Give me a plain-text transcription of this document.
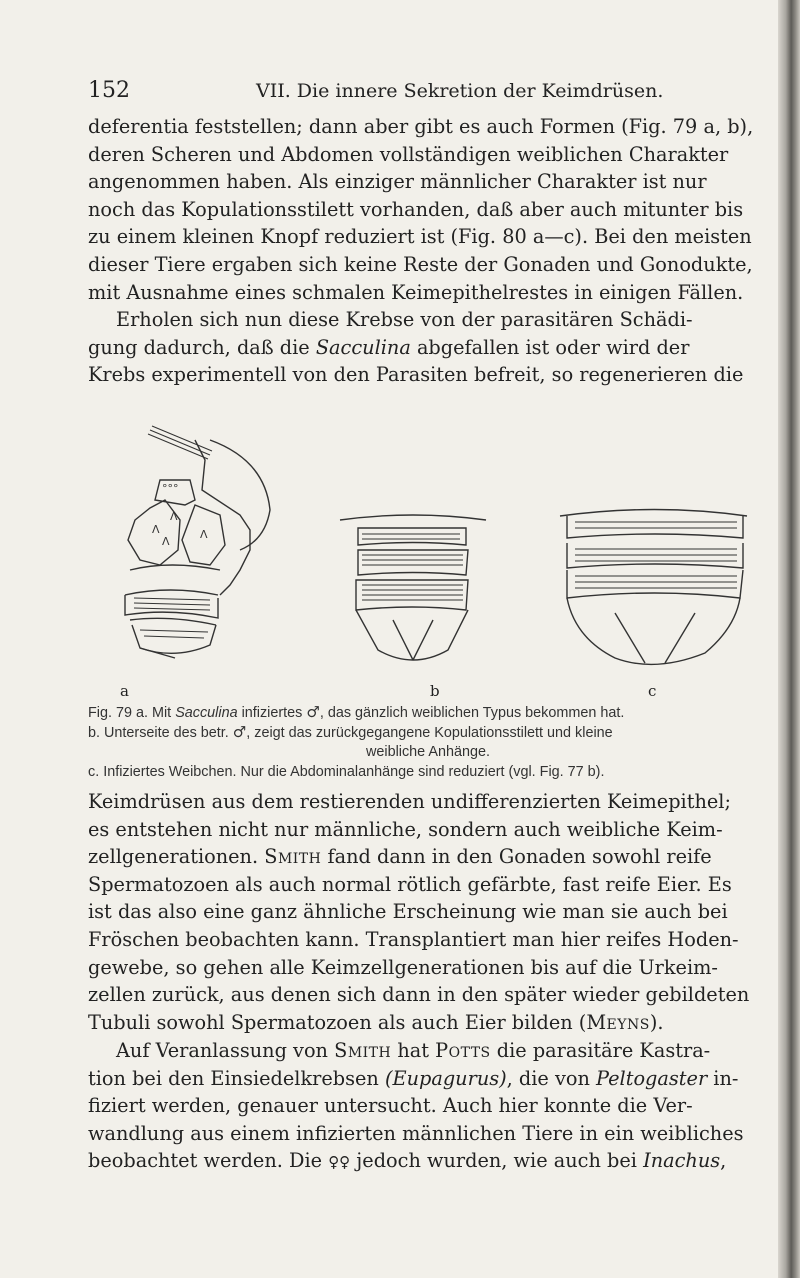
152	VII. Die innere Sekretion der Keimdrüsen.

deferentia feststellen; dann aber gibt es auch Formen (Fig. 79 a, b),

deren Scheren und Abdomen vollständigen weiblichen Charakter

angenommen haben. Als einziger männlicher Charakter ist nur

noch das Kopulationsstilett vorhanden, daß aber auch mitunter bis

zu einem kleinen Knopf reduziert ist (Fig. 80 a—c). Bei den meisten

dieser Tiere ergaben sich keine Reste der Gonaden und Gonodukte,

mit Ausnahme eines schmalen Keimepithelrestes in einigen Fällen.

Erholen sich nun diese Krebse von der parasitären Schädi-

gung dadurch, daß die Sacculina abgefallen ist oder wird der

Krebs experimentell von den Parasiten befreit, so regenerieren die

Λ
Λ
Λ
Λ
°°°
a	b	c

Fig. 79 a. Mit Sacculina infiziertes ♂, das gänzlich weiblichen Typus bekommen hat.

b. Unterseite des betr. ♂, zeigt das zurückgegangene Kopulationsstilett und kleine

weibliche Anhänge.

c. Infiziertes Weibchen. Nur die Abdominalanhänge sind reduziert (vgl. Fig. 77 b).

Keimdrüsen aus dem restierenden undifferenzierten Keimepithel;

es entstehen nicht nur männliche, sondern auch weibliche Keim-

zellgenerationen. Smith fand dann in den Gonaden sowohl reife

Spermatozoen als auch normal rötlich gefärbte, fast reife Eier. Es

ist das also eine ganz ähnliche Erscheinung wie man sie auch bei

Fröschen beobachten kann. Transplantiert man hier reifes Hoden-

gewebe, so gehen alle Keimzellgenerationen bis auf die Urkeim-

zellen zurück, aus denen sich dann in den später wieder gebildeten

Tubuli sowohl Spermatozoen als auch Eier bilden (Meyns).

Auf Veranlassung von Smith hat Potts die parasitäre Kastra-

tion bei den Einsiedelkrebsen (Eupagurus), die von Peltogaster in-

fiziert werden, genauer untersucht. Auch hier konnte die Ver-

wandlung aus einem infizierten männlichen Tiere in ein weibliches

beobachtet werden. Die ♀♀ jedoch wurden, wie auch bei Inachus,
